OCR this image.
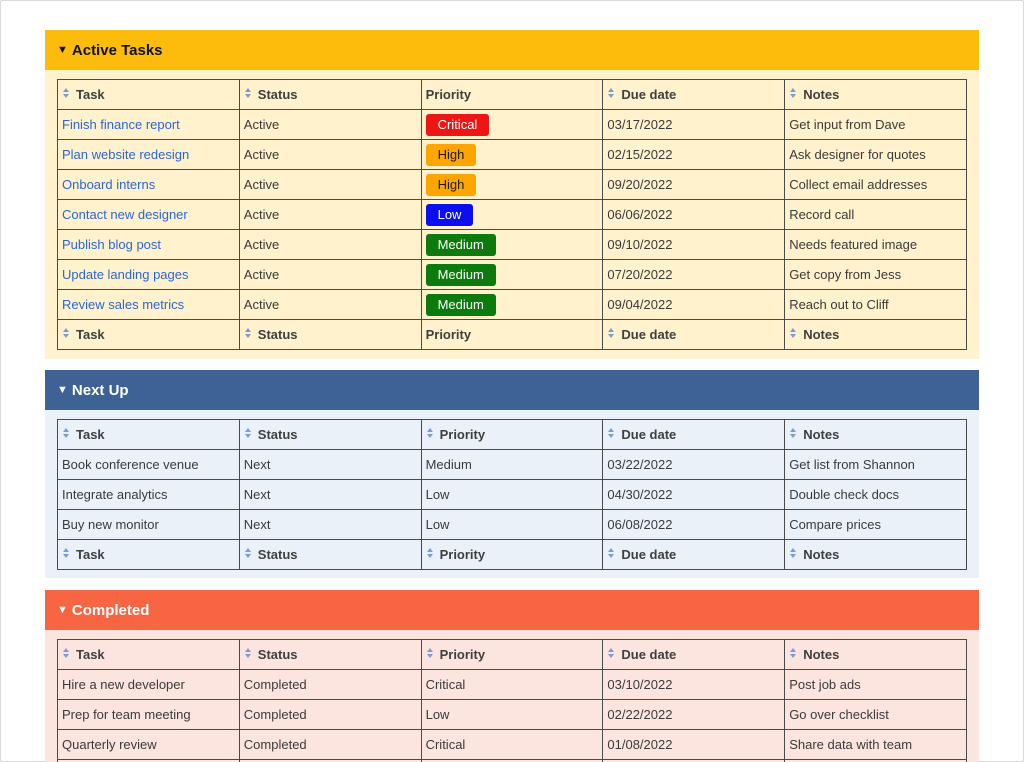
▼ Active Tasks
Task	Status	Priority	Due date	Notes
Finish finance report	Active	Critical	03/17/2022	Get input from Dave
Plan website redesign	Active	High	02/15/2022	Ask designer for quotes
Onboard interns	Active	High	09/20/2022	Collect email addresses
Contact new designer	Active	Low	06/06/2022	Record call
Publish blog post	Active	Medium	09/10/2022	Needs featured image
Update landing pages	Active	Medium	07/20/2022	Get copy from Jess
Review sales metrics	Active	Medium	09/04/2022	Reach out to Cliff
Task	Status	Priority	Due date	Notes
▼ Next Up
Task	Status	Priority	Due date	Notes
Book conference venue	Next	Medium	03/22/2022	Get list from Shannon
Integrate analytics	Next	Low	04/30/2022	Double check docs
Buy new monitor	Next	Low	06/08/2022	Compare prices
Task	Status	Priority	Due date	Notes
▼ Completed
Task	Status	Priority	Due date	Notes
Hire a new developer	Completed	Critical	03/10/2022	Post job ads
Prep for team meeting	Completed	Low	02/22/2022	Go over checklist
Quarterly review	Completed	Critical	01/08/2022	Share data with team
